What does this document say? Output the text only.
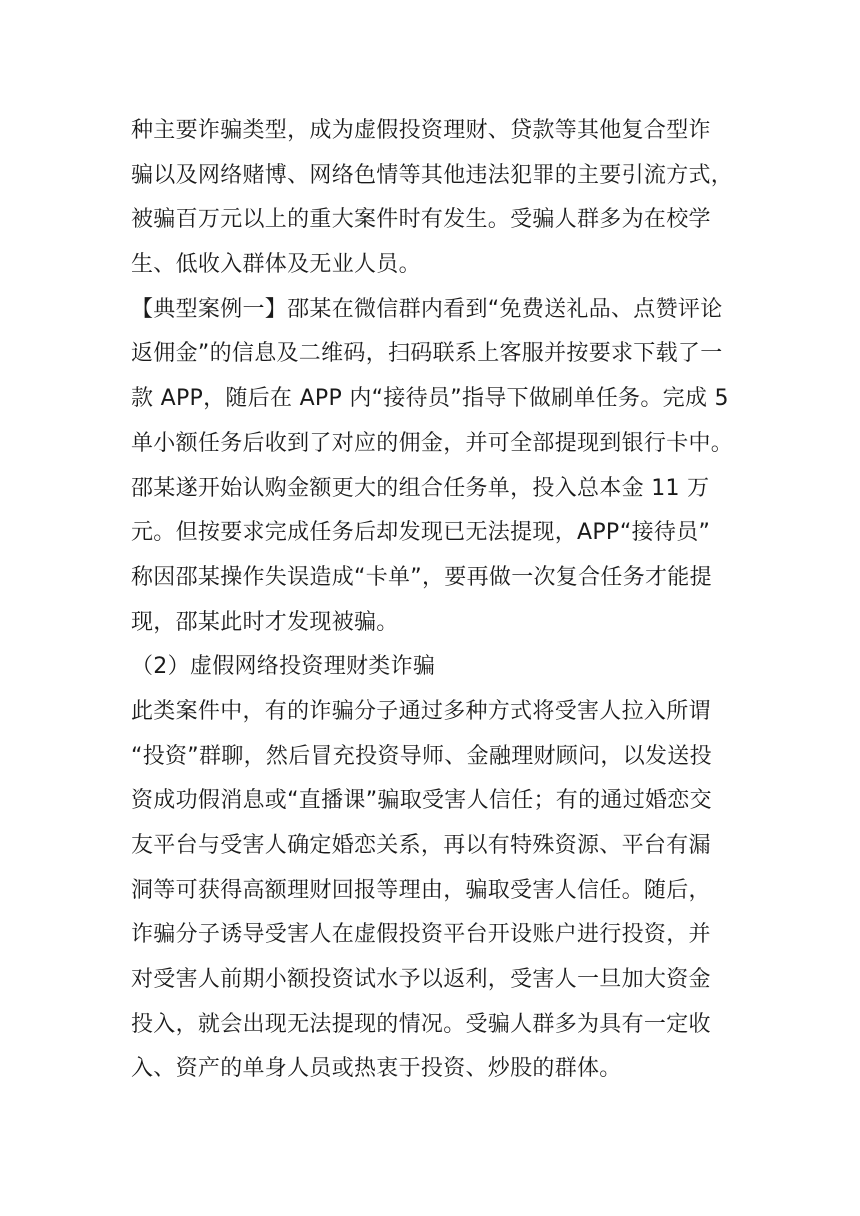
种主要诈骗类型，成为虚假投资理财、贷款等其他复合型诈
骗以及网络赌博、网络色情等其他违法犯罪的主要引流方式，
被骗百万元以上的重大案件时有发生。受骗人群多为在校学
生、低收入群体及无业人员。
【典型案例一】邵某在微信群内看到“免费送礼品、点赞评论
返佣金”的信息及二维码，扫码联系上客服并按要求下载了一
款 APP，随后在 APP 内“接待员”指导下做刷单任务。完成 5
单小额任务后收到了对应的佣金，并可全部提现到银行卡中。
邵某遂开始认购金额更大的组合任务单，投入总本金 11 万
元。但按要求完成任务后却发现已无法提现，APP“接待员”
称因邵某操作失误造成“卡单”，要再做一次复合任务才能提
现，邵某此时才发现被骗。
（2）虚假网络投资理财类诈骗
此类案件中，有的诈骗分子通过多种方式将受害人拉入所谓
“投资”群聊，然后冒充投资导师、金融理财顾问，以发送投
资成功假消息或“直播课”骗取受害人信任；有的通过婚恋交
友平台与受害人确定婚恋关系，再以有特殊资源、平台有漏
洞等可获得高额理财回报等理由，骗取受害人信任。随后，
诈骗分子诱导受害人在虚假投资平台开设账户进行投资，并
对受害人前期小额投资试水予以返利，受害人一旦加大资金
投入，就会出现无法提现的情况。受骗人群多为具有一定收
入、资产的单身人员或热衷于投资、炒股的群体。
